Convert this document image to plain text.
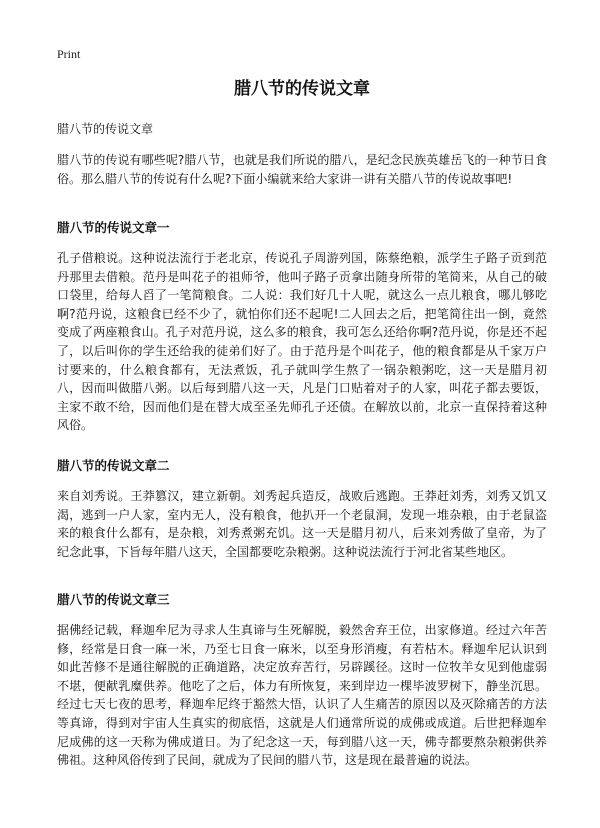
Print
腊八节的传说文章

腊八节的传说文章

腊八节的传说有哪些呢?腊八节，也就是我们所说的腊八，是纪念民族英雄岳飞的一种节日食俗。那么腊八节的传说有什么呢?下面小编就来给大家讲一讲有关腊八节的传说故事吧!

腊八节的传说文章一

孔子借粮说。这种说法流行于老北京，传说孔子周游列国，陈蔡绝粮，派学生子路子贡到范丹那里去借粮。范丹是叫花子的祖师爷，他叫子路子贡拿出随身所带的笔简来，从自己的破口袋里，给每人舀了一笔简粮食。二人说：我们好几十人呢，就这么一点儿粮食，哪儿够吃啊?范丹说，这粮食已经不少了，就怕你们还不起呢!二人回去之后，把笔简往出一倒，竟然变成了两座粮食山。孔子对范丹说，这么多的粮食，我可怎么还给你啊?范丹说，你是还不起了，以后叫你的学生还给我的徒弟们好了。由于范丹是个叫花子，他的粮食都是从千家万户讨要来的，什么粮食都有，无法煮饭，孔子就叫学生熬了一锅杂粮粥吃，这一天是腊月初八，因而叫做腊八粥。以后每到腊八这一天，凡是门口贴着对子的人家，叫花子都去要饭，主家不敢不给，因而他们是在替大成至圣先师孔子还债。在解放以前，北京一直保持着这种风俗。

腊八节的传说文章二

来自刘秀说。王莽篡汉，建立新朝。刘秀起兵造反，战败后逃跑。王莽赶刘秀，刘秀又饥又渴，逃到一户人家，室内无人，没有粮食，他扒开一个老鼠洞，发现一堆杂粮，由于老鼠盗来的粮食什么都有，是杂粮，刘秀煮粥充饥。这一天是腊月初八，后来刘秀做了皇帝，为了纪念此事，下旨每年腊八这天，全国都要吃杂粮粥。这种说法流行于河北省某些地区。

腊八节的传说文章三

据佛经记载，释迦牟尼为寻求人生真谛与生死解脱，毅然舍弃王位，出家修道。经过六年苦修，经常是日食一麻一米，乃至七日食一麻米，以至身形消瘦，有若枯木。释迦牟尼认识到如此苦修不是通往解脱的正确道路，决定放弃苦行，另辟蹊径。这时一位牧羊女见到他虚弱不堪，便献乳糜供养。他吃了之后，体力有所恢复，来到岸边一棵毕波罗树下，静坐沉思。经过七天七夜的思考，释迦牟尼终于豁然大悟，认识了人生痛苦的原因以及灭除痛苦的方法等真谛，得到对宇宙人生真实的彻底悟，这就是人们通常所说的成佛或成道。后世把释迦牟尼成佛的这一天称为佛成道日。为了纪念这一天，每到腊八这一天，佛寺都要熬杂粮粥供养佛祖。这种风俗传到了民间，就成为了民间的腊八节，这是现在最普遍的说法。
